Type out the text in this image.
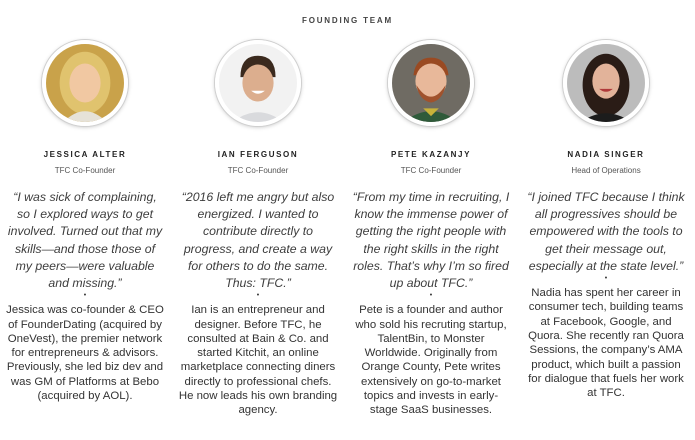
FOUNDING TEAM
JESSICA ALTER
TFC Co-Founder
“I was sick of complaining, so I explored ways to get involved. Turned out that my skills—and those those of my peers—were valuable and missing.”
•
Jessica was co-founder & CEO of FounderDating (acquired by OneVest), the premier network for entrepreneurs & advisors. Previously, she led biz dev and was GM of Platforms at Bebo (acquired by AOL).
IAN FERGUSON
TFC Co-Founder
“2016 left me angry but also energized. I wanted to contribute directly to progress, and create a way for others to do the same. Thus: TFC.”
•
Ian is an entrepreneur and designer. Before TFC, he consulted at Bain & Co. and started Kitchit, an online marketplace connecting diners directly to professional chefs. He now leads his own branding agency.
PETE KAZANJY
TFC Co-Founder
“From my time in recruiting, I know the immense power of getting the right people with the right skills in the right roles. That’s why I’m so fired up about TFC.”
•
Pete is a founder and author who sold his recruting startup, TalentBin, to Monster Worldwide. Originally from Orange County, Pete writes extensively on go-to-market topics and invests in early-stage SaaS businesses.
NADIA SINGER
Head of Operations
“I joined TFC because I think all progressives should be empowered with the tools to get their message out, especially at the state level.”
•
Nadia has spent her career in consumer tech, building teams at Facebook, Google, and Quora. She recently ran Quora Sessions, the company’s AMA product, which built a passion for dialogue that fuels her work at TFC.
